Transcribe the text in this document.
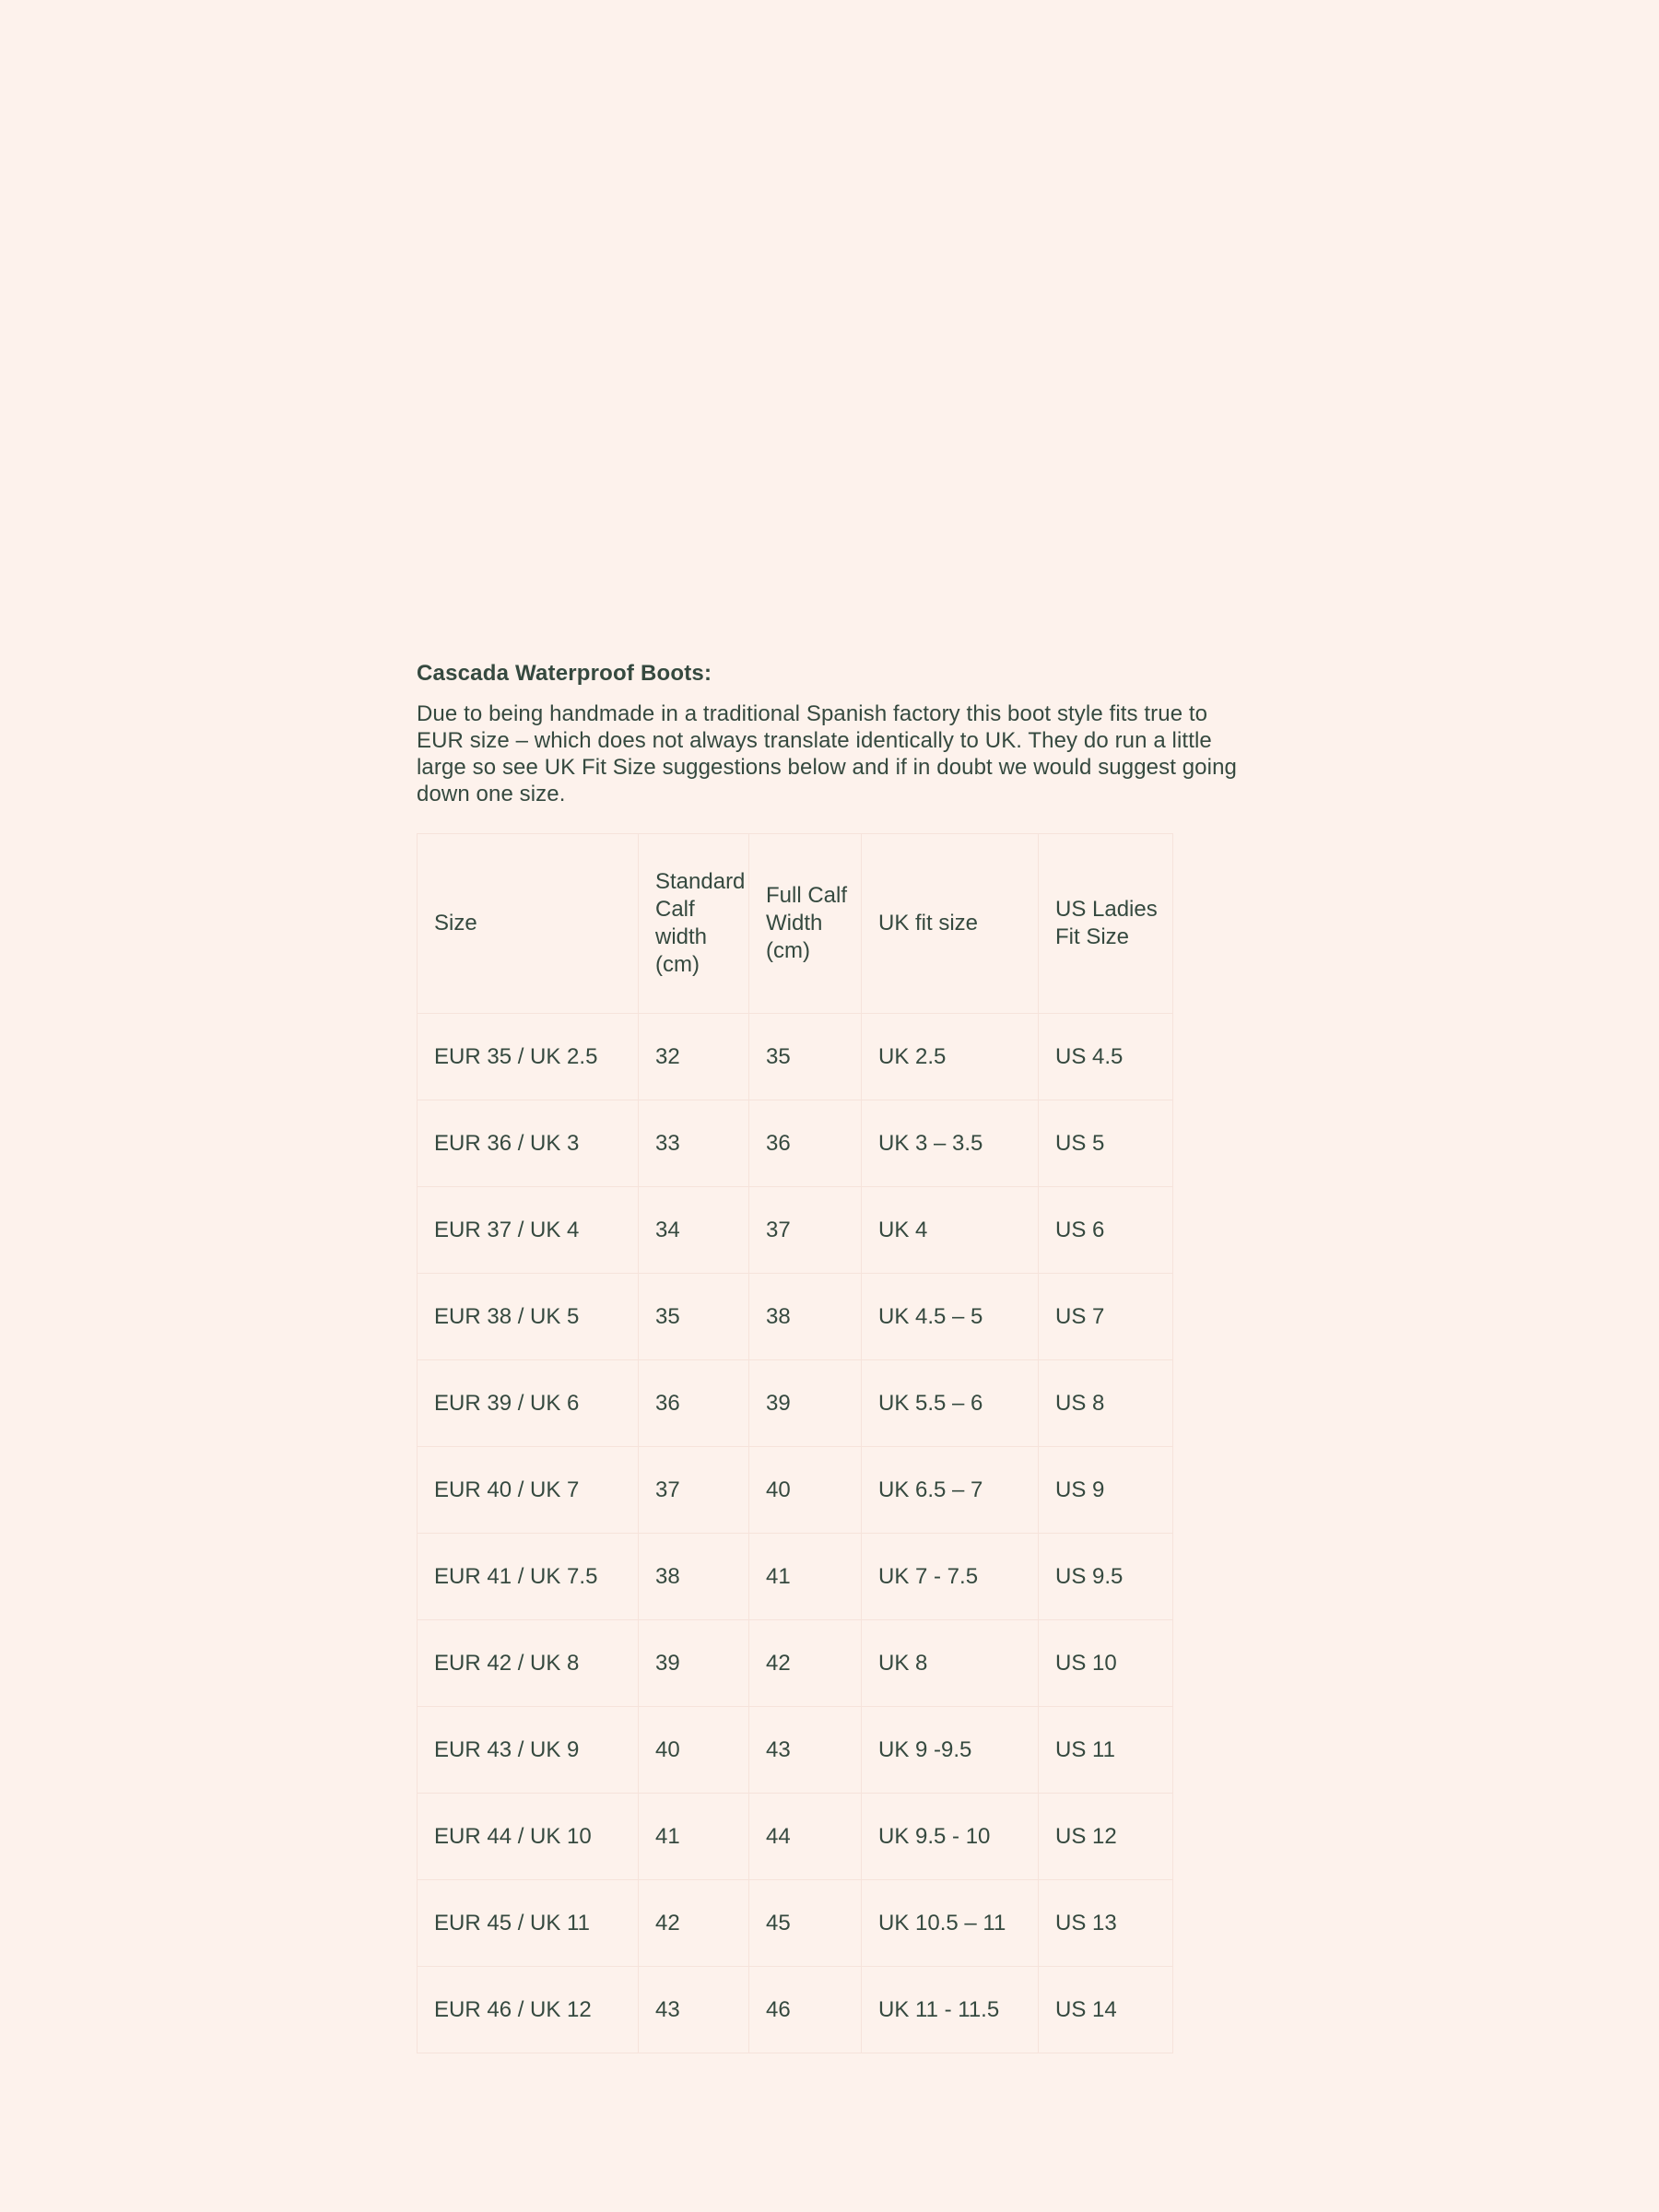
Cascada Waterproof Boots:

Due to being handmade in a traditional Spanish factory this boot style fits true to EUR size – which does not always translate identically to UK. They do run a little large so see UK Fit Size suggestions below and if in doubt we would suggest going down one size.

Size	Standard Calf width (cm)	Full Calf Width (cm)	UK fit size	US Ladies Fit Size
EUR 35 / UK 2.5	32	35	UK 2.5	US 4.5
EUR 36 / UK 3	33	36	UK 3 – 3.5	US 5
EUR 37 / UK 4	34	37	UK 4	US 6
EUR 38 / UK 5	35	38	UK 4.5 – 5	US 7
EUR 39 / UK 6	36	39	UK 5.5 – 6	US 8
EUR 40 / UK 7	37	40	UK 6.5 – 7	US 9
EUR 41 / UK 7.5	38	41	UK 7 - 7.5	US 9.5
EUR 42 / UK 8	39	42	UK 8	US 10
EUR 43 / UK 9	40	43	UK 9 -9.5	US 11
EUR 44 / UK 10	41	44	UK 9.5 - 10	US 12
EUR 45 / UK 11	42	45	UK 10.5 – 11	US 13
EUR 46 / UK 12	43	46	UK 11 - 11.5	US 14
